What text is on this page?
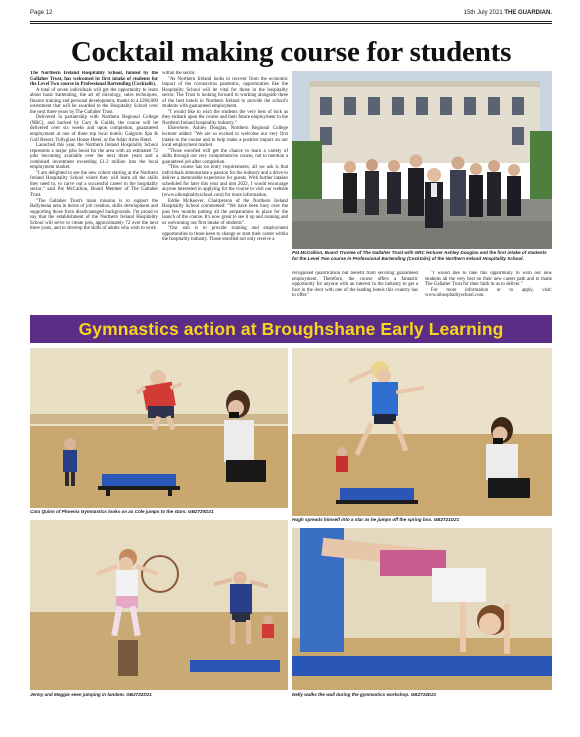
Page 12	15th July 2021 THE GUARDIAN.
Cocktail making course for students

The Northern Ireland Hospitality School, funded by the Gallaher Trust, has welcomed its first intake of students for the Level Two course in Professional Bartending (Cocktails).

A total of seven individuals will get the opportunity to learn about basic bartending, the art of mixology, sales techniques, finance training and personal development, thanks to a £260,000 investment that will be awarded to the Hospitality School over the next three years by The Gallaher Trust.

Delivered in partnership with Northern Regional College (NRC), and backed by Cary & Guilds, the course will be delivered over six weeks and upon completion, guaranteed employment at one of three top local hotels: Galgorm Spa & Golf Resort, Tullyglass House Hotel, or the Adair Arms Hotel.

Launched this year, the Northern Ireland Hospitality School represents a major jobs boost for the area with an estimated 72 jobs becoming available over the next three years and a combined investment exceeding £1.3 million into the local employment market.

"I am delighted to see the new cohort starting at the Northern Ireland Hospitality School where they will learn all the skills they need to, to carve out a successful career in the hospitality sector," said Pat McCallion, Board Member of The Gallaher Trust.

"The Gallaher Trust's main mission is to support the Ballymena area in terms of job creation, skills development and supporting those from disadvantaged backgrounds. I'm proud to say that the establishment of the Northern Ireland Hospitality School will serve to create jobs, approximately 72 over the next three years, and to develop the skills of adults who wish to work

within the sector.

"As Northern Ireland looks to recover from the economic impact of the coronavirus pandemic, opportunities like the Hospitality School will be vital for those in the hospitality sector. The Trust is looking forward to working alongside three of the best hotels in Northern Ireland to provide the school's students with guaranteed employment.

"I would like to wish the students the very best of luck as they embark upon the course and their future employment in the Northern Ireland hospitality industry."

Elsewhere, Ashley Douglas, Northern Regional College lecturer added: "We are so excited to welcome our very first intake to the course and to help make a positive impact on our local employment market.

"Those enrolled will get the chance to learn a variety of skills through our very comprehensive course, not to mention a guaranteed job after completion.

"This course has no entry requirements; all we ask is that individuals demonstrate a passion for the industry and a drive to deliver a memorable experience for guests. With further intakes scheduled for later this year and into 2022, I would encourage anyone interested in applying for the course to visit our website (www.nihospitalityschool.com) for more information.

Eddie McKeever, Chairperson of the Northern Ireland Hospitality School commented: "We have been busy over the past few months putting all the preparations in place for the launch of the course. It's now great to see it up and running and us welcoming our first intake of students".

"Our aim is to provide training and employment opportunities to those keen to change or start their career within the hospitality industry. Those enrolled not only receive a

Pat McCallion, Board Trustee of The Gallaher Trust with NRC lecturer Ashley Douglas and the first intake of students for the Level Two course in Professional Bartending (Cocktails) of the Northern Ireland Hospitality School.

recognised qualification but benefit from securing guaranteed employment. Therefore, the course offers a fantastic opportunity for anyone with an interest in the industry to get a foot in the door with one of the leading hotels this country has to offer."

"I would like to take this opportunity to wish our new students all the very best on their new career path and to thank The Gallaher Trust for their faith in us to deliver."

For more information or to apply, visit: www.nihospitalityschool.com.

Gymnastics action at Broughshane Early Learning
Cara Quinn of Phoenix Gymnastics looks on as Cole jumps to the stars. GB2720D21
Hugh spreads himself into a star as he jumps off the spring box. GB2721D21
Jenny and Maggie seen jumping in tandem. GB2722D21	Nelly walks the wall during the gymnastics workshop. GB2724D21
